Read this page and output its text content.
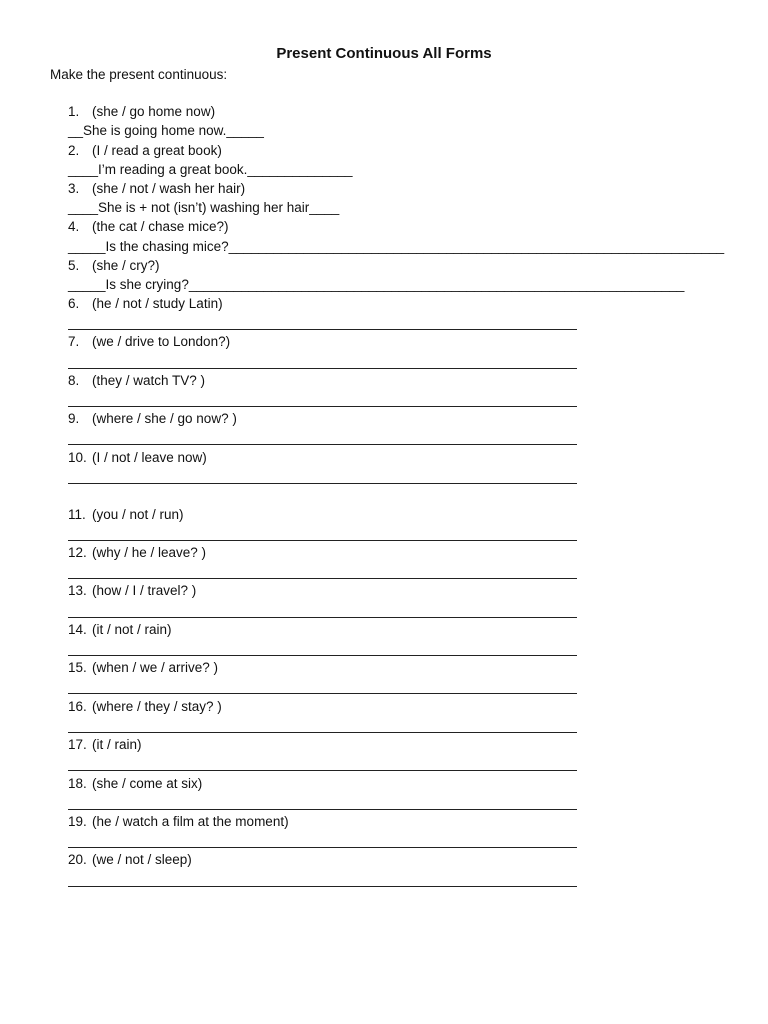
Present Continuous All Forms
Make the present continuous:
1. (she / go home now)
__She is going home now._____
2. (I / read a great book)
____I’m reading a great book.______________
3. (she / not / wash her hair)
____She is + not (isn’t) washing her hair____
4. (the cat / chase mice?)
_____Is the chasing mice?__________________________________________________________________
5. (she / cry?)
_____Is she crying?__________________________________________________________________
6. (he / not / study Latin)
7. (we / drive to London?)
8. (they / watch TV? )
9. (where / she / go now? )
10. (I / not / leave now)
11. (you / not / run)
12. (why / he / leave? )
13. (how / I / travel? )
14. (it / not / rain)
15. (when / we / arrive? )
16. (where / they / stay? )
17. (it / rain)
18. (she / come at six)
19. (he / watch a film at the moment)
20. (we / not / sleep)
